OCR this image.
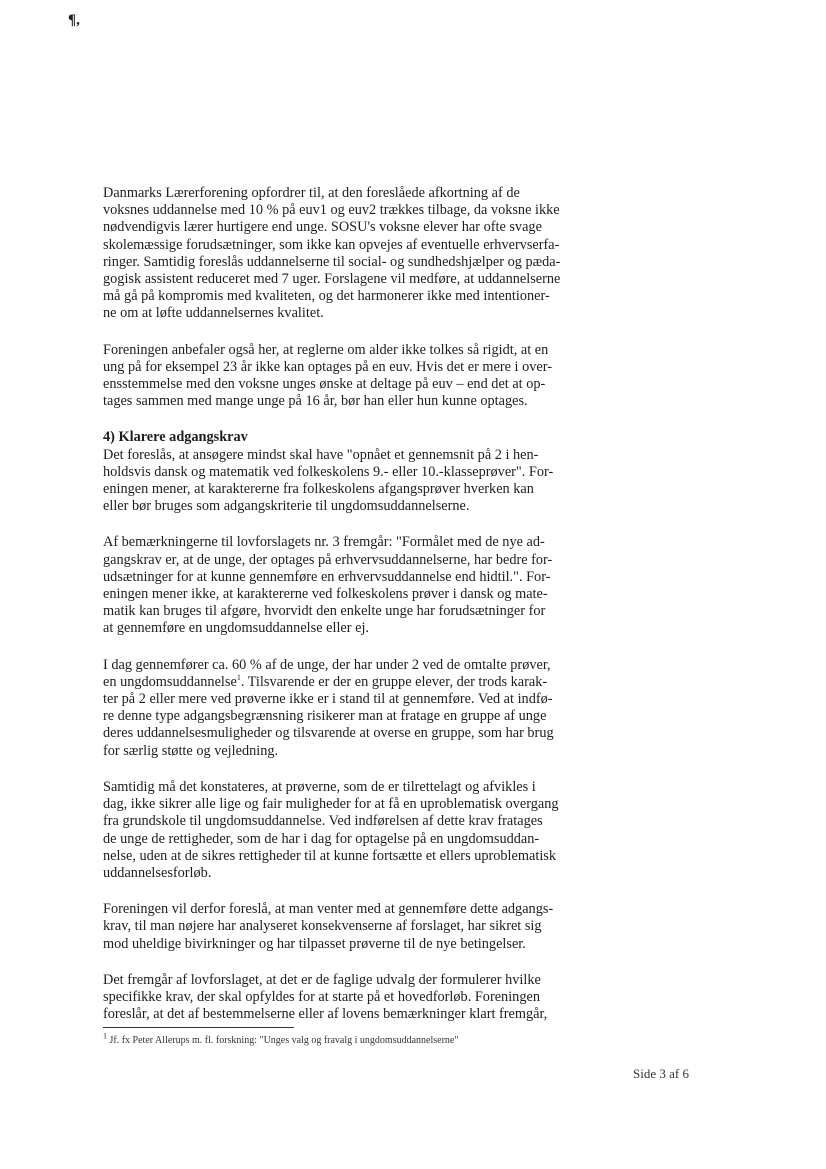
¶,

Danmarks Lærerforening opfordrer til, at den foreslåede afkortning af de
voksnes uddannelse med 10 % på euv1 og euv2 trækkes tilbage, da voksne ikke
nødvendigvis lærer hurtigere end unge. SOSU's voksne elever har ofte svage
skolemæssige forudsætninger, som ikke kan opvejes af eventuelle erhvervserfa-
ringer. Samtidig foreslås uddannelserne til social- og sundhedshjælper og pæda-
gogisk assistent reduceret med 7 uger. Forslagene vil medføre, at uddannelserne
må gå på kompromis med kvaliteten, og det harmonerer ikke med intentioner-
ne om at løfte uddannelsernes kvalitet.

Foreningen anbefaler også her, at reglerne om alder ikke tolkes så rigidt, at en
ung på for eksempel 23 år ikke kan optages på en euv. Hvis det er mere i over-
ensstemmelse med den voksne unges ønske at deltage på euv – end det at op-
tages sammen med mange unge på 16 år, bør han eller hun kunne optages.

4) Klarere adgangskrav
Det foreslås, at ansøgere mindst skal have "opnået et gennemsnit på 2 i hen-
holdsvis dansk og matematik ved folkeskolens 9.- eller 10.-klasseprøver". For-
eningen mener, at karaktererne fra folkeskolens afgangsprøver hverken kan
eller bør bruges som adgangskriterie til ungdomsuddannelserne.

Af bemærkningerne til lovforslagets nr. 3 fremgår: "Formålet med de nye ad-
gangskrav er, at de unge, der optages på erhvervsuddannelserne, har bedre for-
udsætninger for at kunne gennemføre en erhvervsuddannelse end hidtil.". For-
eningen mener ikke, at karaktererne ved folkeskolens prøver i dansk og mate-
matik kan bruges til afgøre, hvorvidt den enkelte unge har forudsætninger for
at gennemføre en ungdomsuddannelse eller ej.

I dag gennemfører ca. 60 % af de unge, der har under 2 ved de omtalte prøver,
en ungdomsuddannelse$^1$. Tilsvarende er der en gruppe elever, der trods karak-
ter på 2 eller mere ved prøverne ikke er i stand til at gennemføre. Ved at indfø-
re denne type adgangsbegrænsning risikerer man at fratage en gruppe af unge
deres uddannelsesmuligheder og tilsvarende at overse en gruppe, som har brug
for særlig støtte og vejledning.

Samtidig må det konstateres, at prøverne, som de er tilrettelagt og afvikles i
dag, ikke sikrer alle lige og fair muligheder for at få en uproblematisk overgang
fra grundskole til ungdomsuddannelse. Ved indførelsen af dette krav fratages
de unge de rettigheder, som de har i dag for optagelse på en ungdomsuddan-
nelse, uden at de sikres rettigheder til at kunne fortsætte et ellers uproblematisk
uddannelsesforløb.

Foreningen vil derfor foreslå, at man venter med at gennemføre dette adgangs-
krav, til man nøjere har analyseret konsekvenserne af forslaget, har sikret sig
mod uheldige bivirkninger og har tilpasset prøverne til de nye betingelser.

Det fremgår af lovforslaget, at det er de faglige udvalg der formulerer hvilke
specifikke krav, der skal opfyldes for at starte på et hovedforløb. Foreningen
foreslår, at det af bestemmelserne eller af lovens bemærkninger klart fremgår,

$^1$ Jf. fx Peter Allerups m. fl. forskning: "Unges valg og fravalg i ungdomsuddannelserne"
Side 3 af 6
